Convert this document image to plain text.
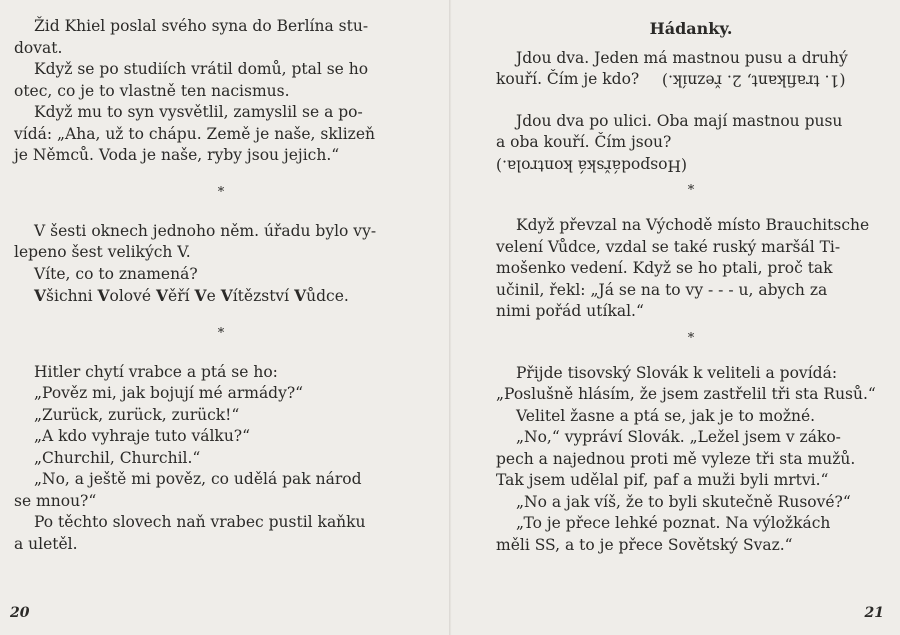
Žid Khiel poslal svého syna do Berlína stu-
dovat.

Když se po studiích vrátil domů, ptal se ho
otec, co je to vlastně ten nacismus.

Když mu to syn vysvětlil, zamyslil se a po-
vídá: „Aha, už to chápu. Země je naše, sklizeň
je Němců. Voda je naše, ryby jsou jejich.“

*

V šesti oknech jednoho něm. úřadu bylo vy-
lepeno šest velikých V.

Víte, co to znamená?

Všichni Volové Věří Ve Vítězství Vůdce.

*

Hitler chytí vrabce a ptá se ho:

„Pověz mi, jak bojují mé armády?“

„Zurück, zurück, zurück!“

„A kdo vyhraje tuto válku?“

„Churchil, Churchil.“

„No, a ještě mi pověz, co udělá pak národ
se mnou?“

Po těchto slovech naň vrabec pustil kaňku
a uletěl.

20

Hádanky.

Jdou dva. Jeden má mastnou pusu a druhý
kouří. Čím je kdo? (1. trafikant, 2. řezník.)

Jdou dva po ulici. Oba mají mastnou pusu
a oba kouří. Čím jsou?

(Hospodářská kontrola.)

*

Když převzal na Východě místo Brauchitsche
velení Vůdce, vzdal se také ruský maršál Ti-
mošenko vedení. Když se ho ptali, proč tak
učinil, řekl: „Já se na to vy - - - u, abych za
nimi pořád utíkal.“

*

Přijde tisovský Slovák k veliteli a povídá:
„Poslušně hlásím, že jsem zastřelil tři sta Rusů.“

Velitel žasne a ptá se, jak je to možné.

„No,“ vypráví Slovák. „Ležel jsem v záko-
pech a najednou proti mě vyleze tři sta mužů.
Tak jsem udělal pif, paf a muži byli mrtvi.“

„No a jak víš, že to byli skutečně Rusové?“

„To je přece lehké poznat. Na výložkách
měli SS, a to je přece Sovětský Svaz.“

21
